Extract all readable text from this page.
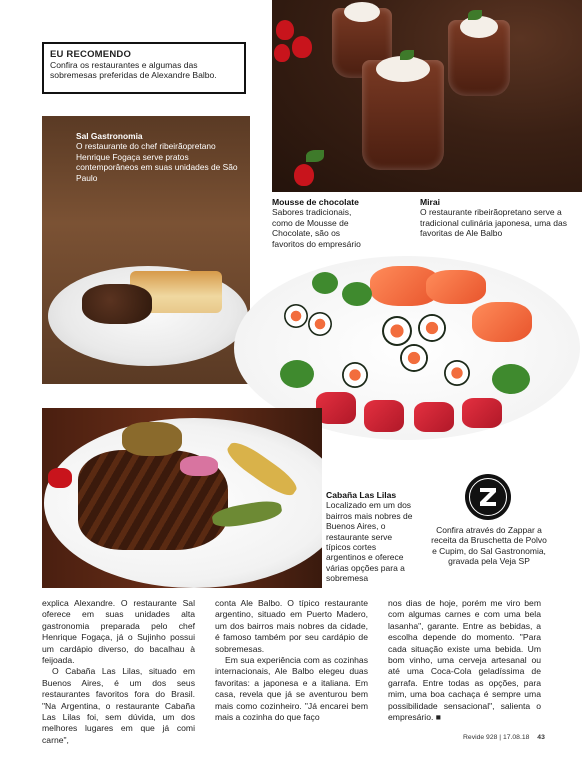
EU RECOMENDO

Confira os restaurantes e algumas das sobremesas preferidas de Alexandre Balbo.

Sal Gastronomia
O restaurante do chef ribeirãopretano Henrique Fogaça serve pratos contemporâneos em suas unidades de São Paulo
Mousse de chocolate
Sabores tradicionais, como de Mousse de Chocolate, são os favoritos do empresário
Mirai
O restaurante ribeirãopretano serve a tradicional culinária japonesa, uma das favoritas de Ale Balbo
Cabaña Las Lilas
Localizado em um dos bairros mais nobres de Buenos Aires, o restaurante serve típicos cortes argentinos e oferece várias opções para a sobremesa
Confira através do Zappar a receita da Bruschetta de Polvo e Cupim, do Sal Gastronomia, gravada pela Veja SP

explica Alexandre. O restaurante Sal oferece em suas unidades alta gastronomia preparada pelo chef Henrique Fogaça, já o Sujinho possui um cardápio diverso, do bacalhau à feijoada.

O Cabaña Las Lilas, situado em Buenos Aires, é um dos seus restaurantes favoritos fora do Brasil. "Na Argentina, o restaurante Cabaña Las Lilas foi, sem dúvida, um dos melhores lugares em que já comi carne",

conta Ale Balbo. O típico restaurante argentino, situado em Puerto Madero, um dos bairros mais nobres da cidade, é famoso também por seu cardápio de sobremesas.

Em sua experiência com as cozinhas internacionais, Ale Balbo elegeu duas favoritas: a japonesa e a italiana. Em casa, revela que já se aventurou bem mais como cozinheiro. "Já encarei bem mais a cozinha do que faço

nos dias de hoje, porém me viro bem com algumas carnes e com uma bela lasanha", garante. Entre as bebidas, a escolha depende do momento. "Para cada situação existe uma bebida. Um bom vinho, uma cerveja artesanal ou até uma Coca-Cola geladíssima de garrafa. Entre todas as opções, para mim, uma boa cachaça é sempre uma possibilidade sensacional", salienta o empresário. ■

Revide 928 | 17.08.18 43
